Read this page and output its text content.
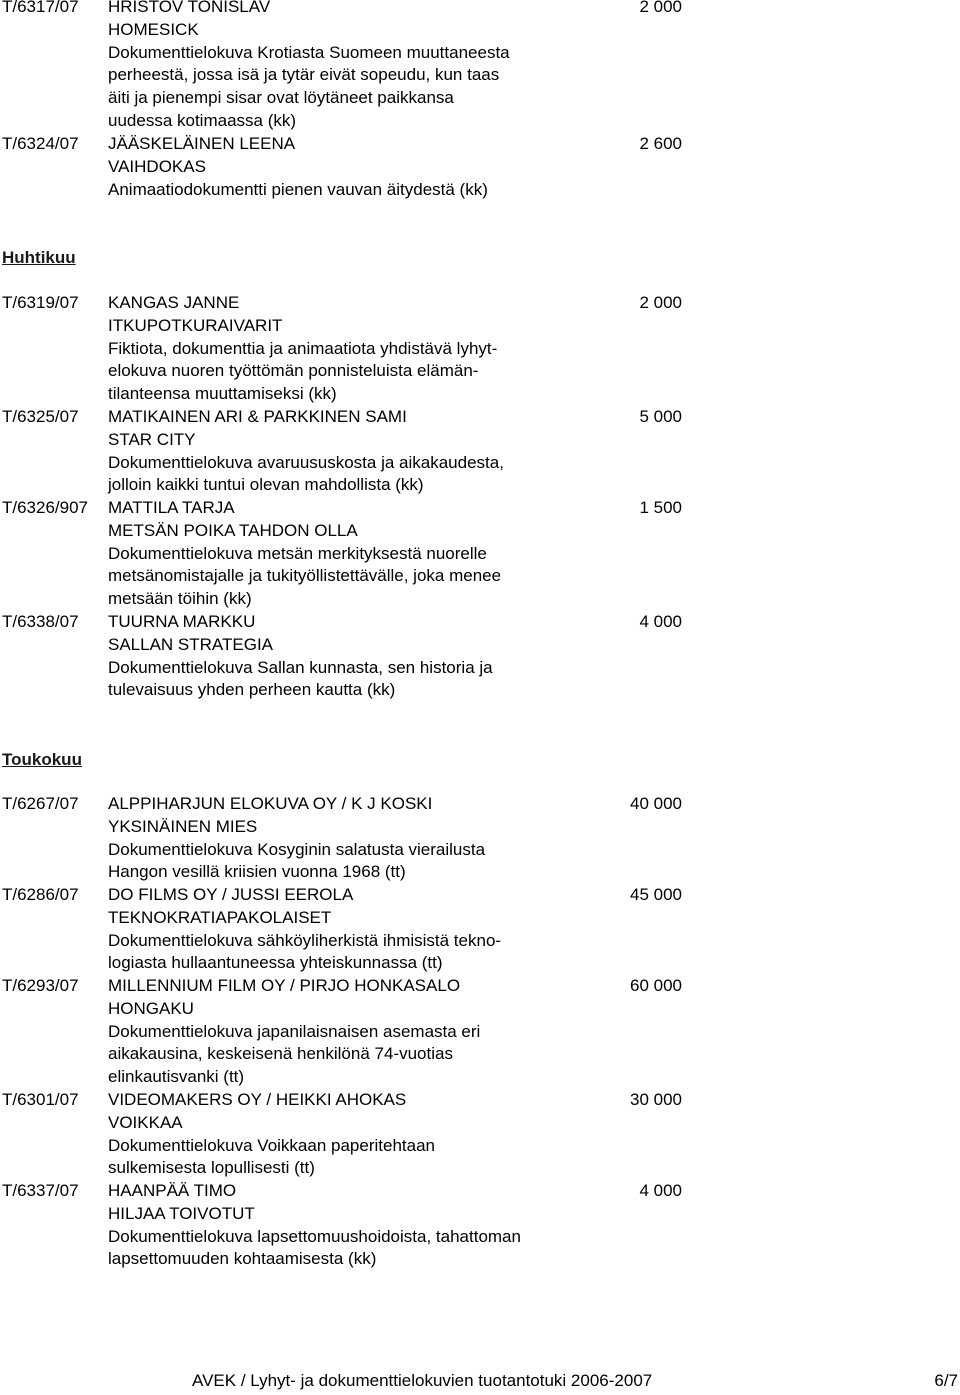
T/6317/07 HRISTOV TONISLAV
HOMESICK
Dokumenttielokuva Krotiasta Suomeen muuttaneesta
perheestä, jossa isä ja tytär eivät sopeudu, kun taas
äiti ja pienempi sisar ovat löytäneet paikkansa
uudessa kotimaassa (kk)
2 000
T/6324/07 JÄÄSKELÄINEN LEENA
VAIHDOKAS
Animaatiodokumentti pienen vauvan äitydestä (kk)
2 600
Huhtikuu
T/6319/07 KANGAS JANNE
ITKUPOTKURAIVARIT
Fiktiota, dokumenttia ja animaatiota yhdistävä lyhyt-
elokuva nuoren työttömän ponnisteluista elämän-
tilanteensa muuttamiseksi (kk)
2 000
T/6325/07 MATIKAINEN ARI & PARKKINEN SAMI
STAR CITY
Dokumenttielokuva avaruususkosta ja aikakaudesta,
jolloin kaikki tuntui olevan mahdollista (kk)
5 000
T/6326/907 MATTILA TARJA
METSÄN POIKA TAHDON OLLA
Dokumenttielokuva metsän merkityksestä nuorelle
metsänomistajalle ja tukityöllistettävälle, joka menee
metsään töihin (kk)
1 500
T/6338/07 TUURNA MARKKU
SALLAN STRATEGIA
Dokumenttielokuva Sallan kunnasta, sen historia ja
tulevaisuus yhden perheen kautta (kk)
4 000
Toukokuu
T/6267/07 ALPPIHARJUN ELOKUVA OY / K J KOSKI
YKSINÄINEN MIES
Dokumenttielokuva Kosyginin salatusta vierailusta
Hangon vesillä kriisien vuonna 1968 (tt)
40 000
T/6286/07 DO FILMS OY / JUSSI EEROLA
TEKNOKRATIAPAKOLAISET
Dokumenttielokuva sähköyliherkistä ihmisistä tekno-
logiasta hullaantuneessa yhteiskunnassa (tt)
45 000
T/6293/07 MILLENNIUM FILM OY / PIRJO HONKASALO
HONGAKU
Dokumenttielokuva japanilaisnaisen asemasta eri
aikakausina, keskeisenä henkilönä 74-vuotias
elinkautisvanki (tt)
60 000
T/6301/07 VIDEOMAKERS OY / HEIKKI AHOKAS
VOIKKAA
Dokumenttielokuva Voikkaan paperitehtaan
sulkemisesta lopullisesti (tt)
30 000
T/6337/07 HAANPÄÄ TIMO
HILJAA TOIVOTUT
Dokumenttielokuva lapsettomuushoidoista, tahattoman
lapsettomuuden kohtaamisesta (kk)
4 000
AVEK / Lyhyt- ja dokumenttielokuvien tuotantotuki 2006-2007	6/7
